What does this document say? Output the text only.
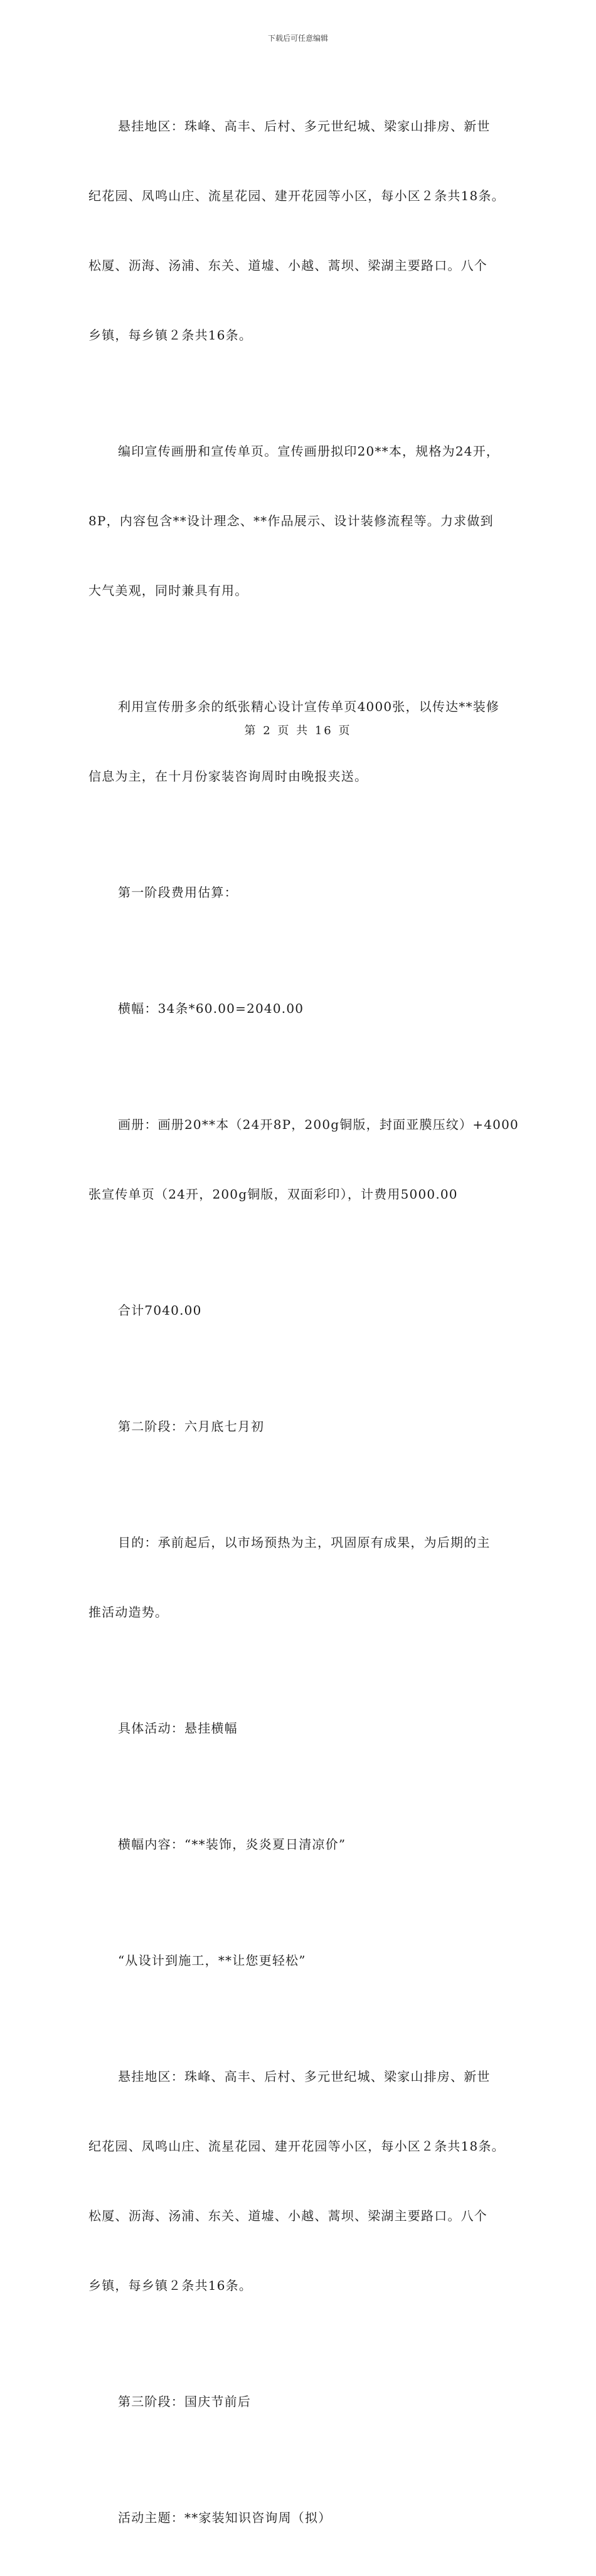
下载后可任意编辑

悬挂地区：珠峰、高丰、后村、多元世纪城、梁家山排房、新世

纪花园、凤鸣山庄、流星花园、建开花园等小区，每小区２条共18条。

松厦、沥海、汤浦、东关、道墟、小越、蒿坝、梁湖主要路口。八个

乡镇，每乡镇２条共16条。

编印宣传画册和宣传单页。宣传画册拟印20**本，规格为24开，

8P，内容包含**设计理念、**作品展示、设计装修流程等。力求做到

大气美观，同时兼具有用。

利用宣传册多余的纸张精心设计宣传单页4000张，以传达**装修

信息为主，在十月份家装咨询周时由晚报夹送。

第一阶段费用估算：

横幅：34条*60.00=2040.00

画册：画册20**本（24开8P，200g铜版，封面亚膜压纹）+4000

张宣传单页（24开，200g铜版，双面彩印），计费用5000.00

合计7040.00

第二阶段：六月底七月初

目的：承前起后，以市场预热为主，巩固原有成果，为后期的主

推活动造势。

具体活动：悬挂横幅

横幅内容：“**装饰，炎炎夏日清凉价”

“从设计到施工，**让您更轻松”

悬挂地区：珠峰、高丰、后村、多元世纪城、梁家山排房、新世

纪花园、凤鸣山庄、流星花园、建开花园等小区，每小区２条共18条。

松厦、沥海、汤浦、东关、道墟、小越、蒿坝、梁湖主要路口。八个

乡镇，每乡镇２条共16条。

第三阶段：国庆节前后

活动主题：**家装知识咨询周（拟）

第 2 页 共 16 页
